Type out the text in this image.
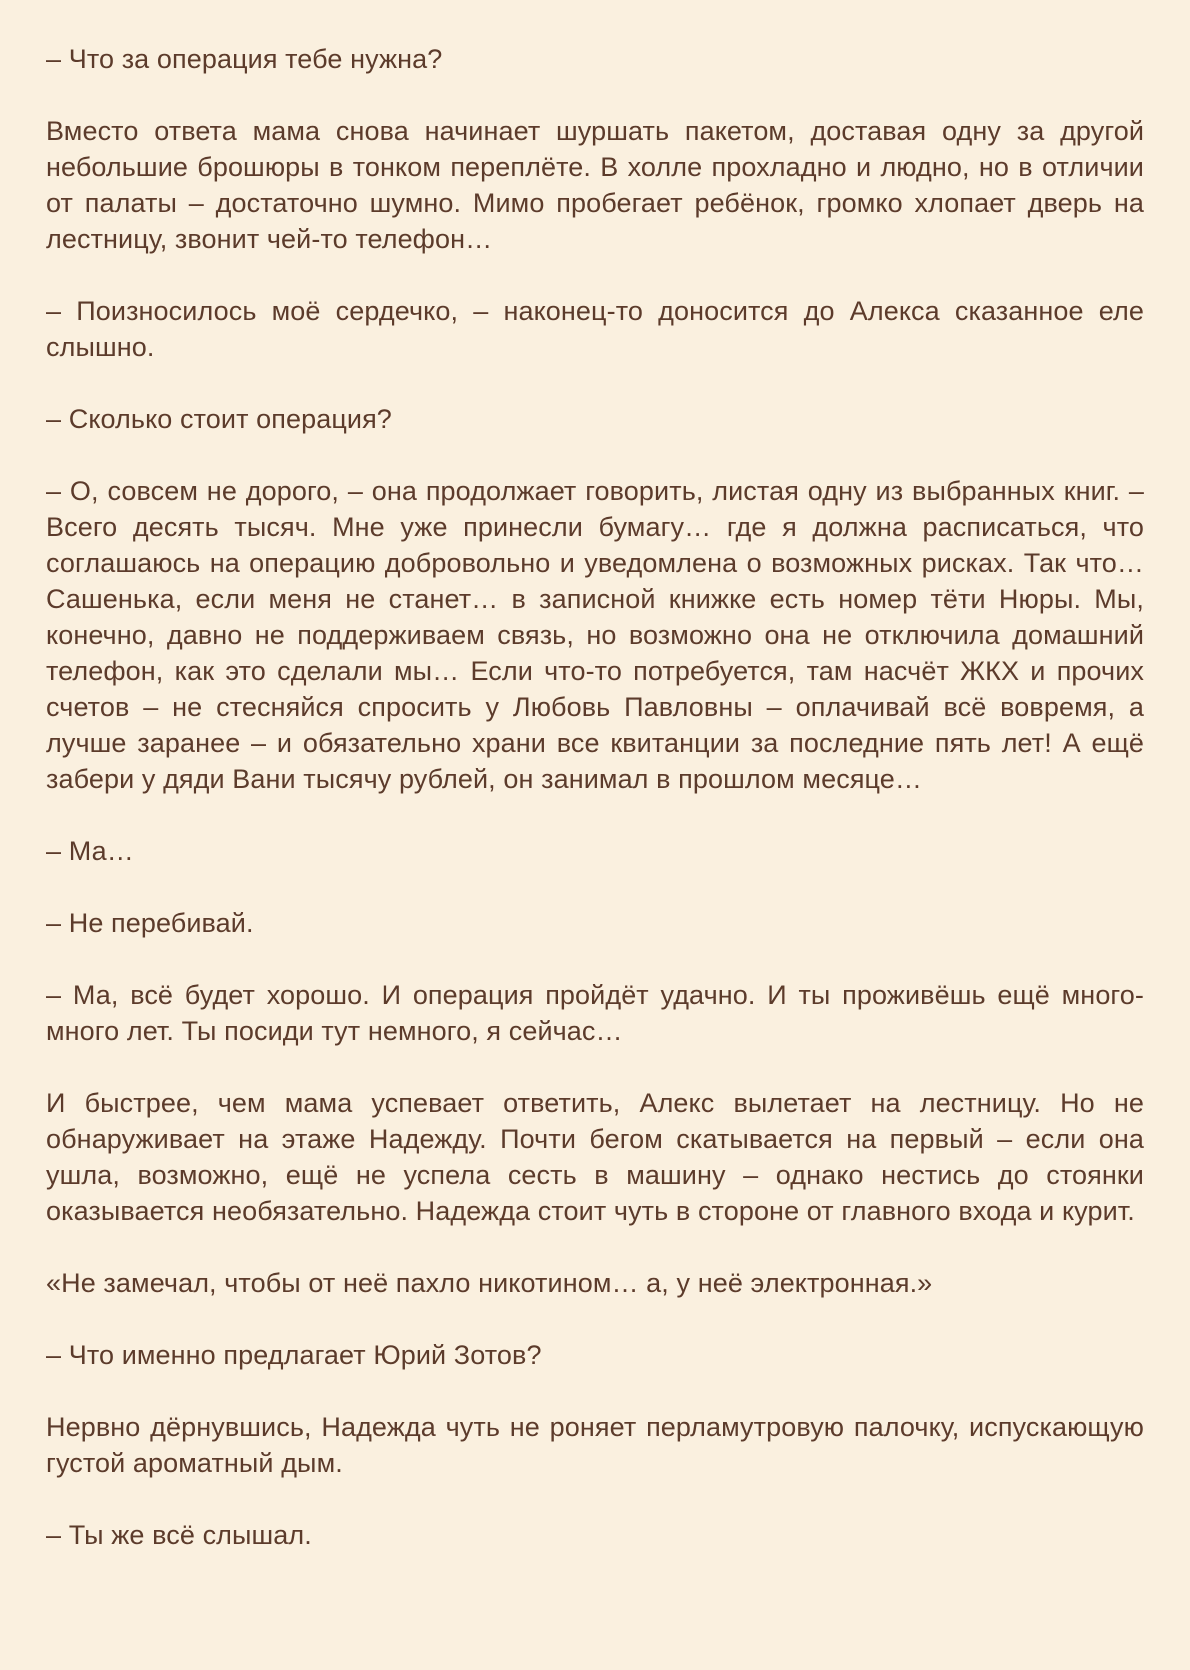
– Что за операция тебе нужна?

Вместо ответа мама снова начинает шуршать пакетом, доставая одну за другой небольшие брошюры в тонком переплёте. В холле прохладно и людно, но в отличии от палаты – достаточно шумно. Мимо пробегает ребёнок, громко хлопает дверь на лестницу, звонит чей-то телефон…

– Поизносилось моё сердечко, – наконец-то доносится до Алекса сказанное еле слышно.

– Сколько стоит операция?

– О, совсем не дорого, – она продолжает говорить, листая одну из выбранных книг. – Всего десять тысяч. Мне уже принесли бумагу… где я должна расписаться, что соглашаюсь на операцию добровольно и уведомлена о возможных рисках. Так что… Сашенька, если меня не станет… в записной книжке есть номер тёти Нюры. Мы, конечно, давно не поддерживаем связь, но возможно она не отключила домашний телефон, как это сделали мы… Если что-то потребуется, там насчёт ЖКХ и прочих счетов – не стесняйся спросить у Любовь Павловны – оплачивай всё вовремя, а лучше заранее – и обязательно храни все квитанции за последние пять лет! А ещё забери у дяди Вани тысячу рублей, он занимал в прошлом месяце…

– Ма…

– Не перебивай.

– Ма, всё будет хорошо. И операция пройдёт удачно. И ты проживёшь ещё много-много лет. Ты посиди тут немного, я сейчас…

И быстрее, чем мама успевает ответить, Алекс вылетает на лестницу. Но не обнаруживает на этаже Надежду. Почти бегом скатывается на первый – если она ушла, возможно, ещё не успела сесть в машину – однако нестись до стоянки оказывается необязательно. Надежда стоит чуть в стороне от главного входа и курит.

«Не замечал, чтобы от неё пахло никотином… а, у неё электронная.»

– Что именно предлагает Юрий Зотов?

Нервно дёрнувшись, Надежда чуть не роняет перламутровую палочку, испускающую густой ароматный дым.

– Ты же всё слышал.
